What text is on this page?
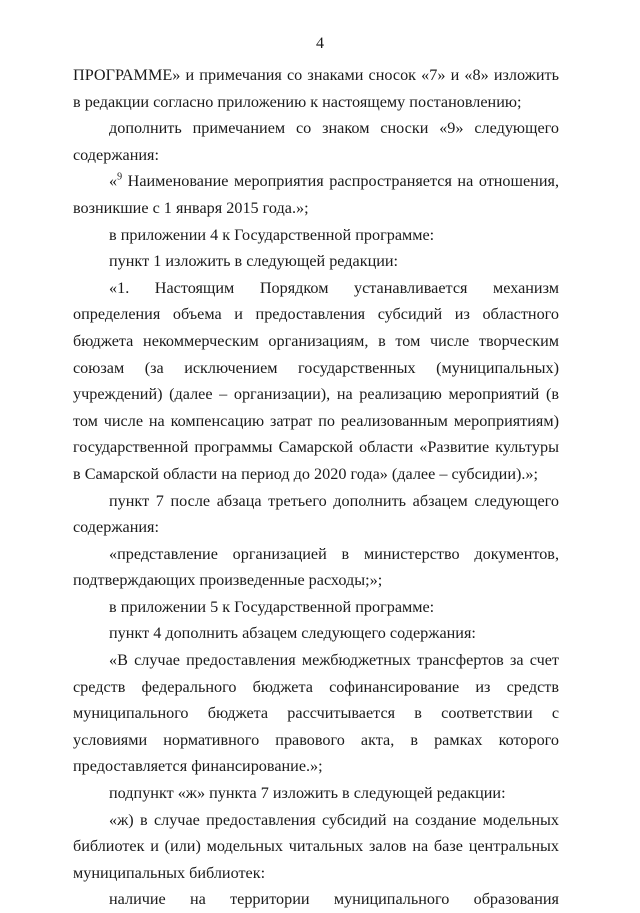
4

ПРОГРАММЕ» и примечания со знаками сносок «7» и «8» изложить в редакции согласно приложению к настоящему постановлению;

дополнить примечанием со знаком сноски «9» следующего содержания:

«$^9$ Наименование мероприятия распространяется на отношения, возникшие с 1 января 2015 года.»;

в приложении 4 к Государственной программе:

пункт 1 изложить в следующей редакции:

«1. Настоящим Порядком устанавливается механизм определения объема и предоставления субсидий из областного бюджета некоммерческим организациям, в том числе творческим союзам (за исключением государственных (муниципальных) учреждений) (далее – организации), на реализацию мероприятий (в том числе на компенсацию затрат по реализованным мероприятиям) государственной программы Самарской области «Развитие культуры в Самарской области на период до 2020 года» (далее – субсидии).»;

пункт 7 после абзаца третьего дополнить абзацем следующего содержания:

«представление организацией в министерство документов, подтверждающих произведенные расходы;»;

в приложении 5 к Государственной программе:

пункт 4 дополнить абзацем следующего содержания:

«В случае предоставления межбюджетных трансфертов за счет средств федерального бюджета софинансирование из средств муниципального бюджета рассчитывается в соответствии с условиями нормативного правового акта, в рамках которого предоставляется финансирование.»;

подпункт «ж» пункта 7 изложить в следующей редакции:

«ж) в случае предоставления субсидий на создание модельных библиотек и (или) модельных читальных залов на базе центральных муниципальных библиотек:

наличие на территории муниципального образования
